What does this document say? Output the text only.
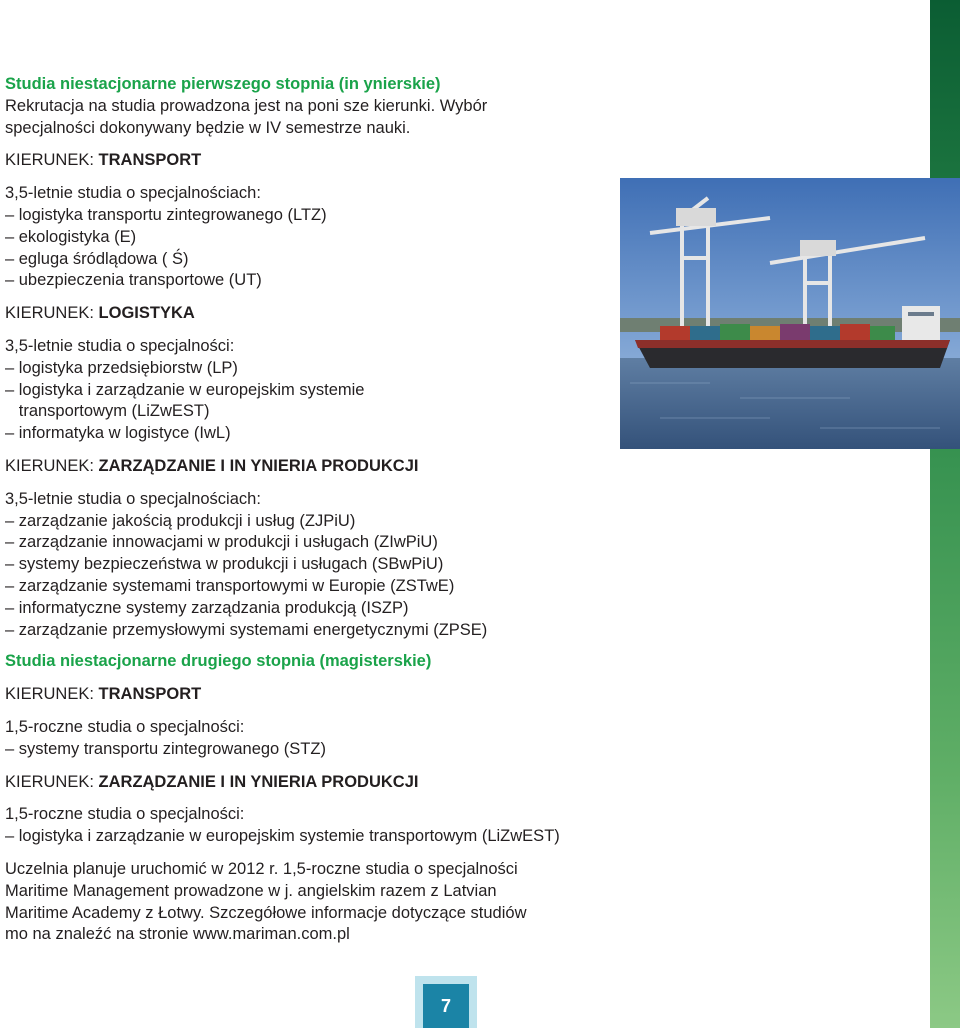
Studia niestacjonarne pierwszego stopnia (in ynierskie)
Rekrutacja na studia prowadzona jest na poni sze kierunki. Wybór
specjalności dokonywany będzie w IV semestrze nauki.
KIERUNEK: TRANSPORT
3,5-letnie studia o specjalnościach:
– logistyka transportu zintegrowanego (LTZ)
– ekologistyka (E)
– egluga śródlądowa ( Ś)
– ubezpieczenia transportowe (UT)
KIERUNEK: LOGISTYKA
3,5-letnie studia o specjalności:
– logistyka przedsiębiorstw (LP)
– logistyka i zarządzanie w europejskim systemie
transportowym (LiZwEST)
– informatyka w logistyce (IwL)
KIERUNEK: ZARZĄDZANIE I IN YNIERIA PRODUKCJI
3,5-letnie studia o specjalnościach:
– zarządzanie jakością produkcji i usług (ZJPiU)
– zarządzanie innowacjami w produkcji i usługach (ZIwPiU)
– systemy bezpieczeństwa w produkcji i usługach (SBwPiU)
– zarządzanie systemami transportowymi w Europie (ZSTwE)
– informatyczne systemy zarządzania produkcją (ISZP)
– zarządzanie przemysłowymi systemami energetycznymi (ZPSE)
Studia niestacjonarne drugiego stopnia (magisterskie)
KIERUNEK: TRANSPORT
1,5-roczne studia o specjalności:
– systemy transportu zintegrowanego (STZ)
KIERUNEK: ZARZĄDZANIE I IN YNIERIA PRODUKCJI
1,5-roczne studia o specjalności:
– logistyka i zarządzanie w europejskim systemie transportowym (LiZwEST)
Uczelnia planuje uruchomić w 2012 r. 1,5-roczne studia o specjalności
Maritime Management prowadzone w j. angielskim razem z Latvian
Maritime Academy z Łotwy. Szczegółowe informacje dotyczące studiów
mo na znaleźć na stronie www.mariman.com.pl
7
